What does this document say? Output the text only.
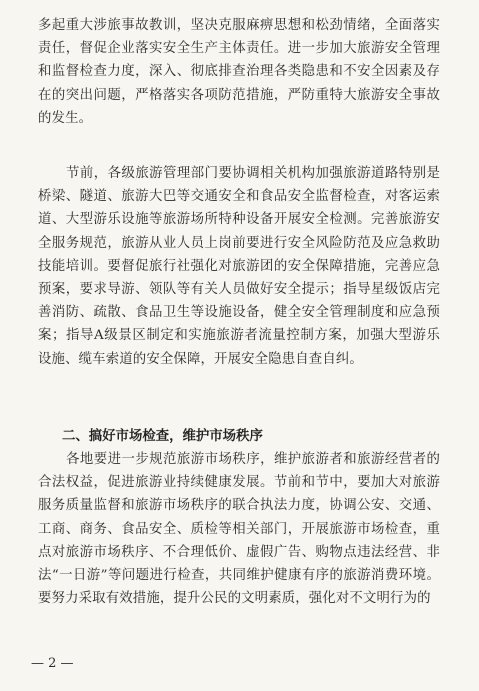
多起重大涉旅事故教训，坚决克服麻痹思想和松劲情绪，全面落实责任，督促企业落实安全生产主体责任。进一步加大旅游安全管理和监督检查力度，深入、彻底排查治理各类隐患和不安全因素及存在的突出问题，严格落实各项防范措施，严防重特大旅游安全事故的发生。

节前，各级旅游管理部门要协调相关机构加强旅游道路特别是桥梁、隧道、旅游大巴等交通安全和食品安全监督检查，对客运索道、大型游乐设施等旅游场所特种设备开展安全检测。完善旅游安全服务规范，旅游从业人员上岗前要进行安全风险防范及应急救助技能培训。要督促旅行社强化对旅游团的安全保障措施，完善应急预案，要求导游、领队等有关人员做好安全提示；指导星级饭店完善消防、疏散、食品卫生等设施设备，健全安全管理制度和应急预案；指导A级景区制定和实施旅游者流量控制方案，加强大型游乐设施、缆车索道的安全保障，开展安全隐患自查自纠。

二、搞好市场检查，维护市场秩序

各地要进一步规范旅游市场秩序，维护旅游者和旅游经营者的合法权益，促进旅游业持续健康发展。节前和节中，要加大对旅游服务质量监督和旅游市场秩序的联合执法力度，协调公安、交通、工商、商务、食品安全、质检等相关部门，开展旅游市场检查，重点对旅游市场秩序、不合理低价、虚假广告、购物点违法经营、非法“一日游”等问题进行检查，共同维护健康有序的旅游消费环境。要努力采取有效措施，提升公民的文明素质，强化对不文明行为的

— 2 —
